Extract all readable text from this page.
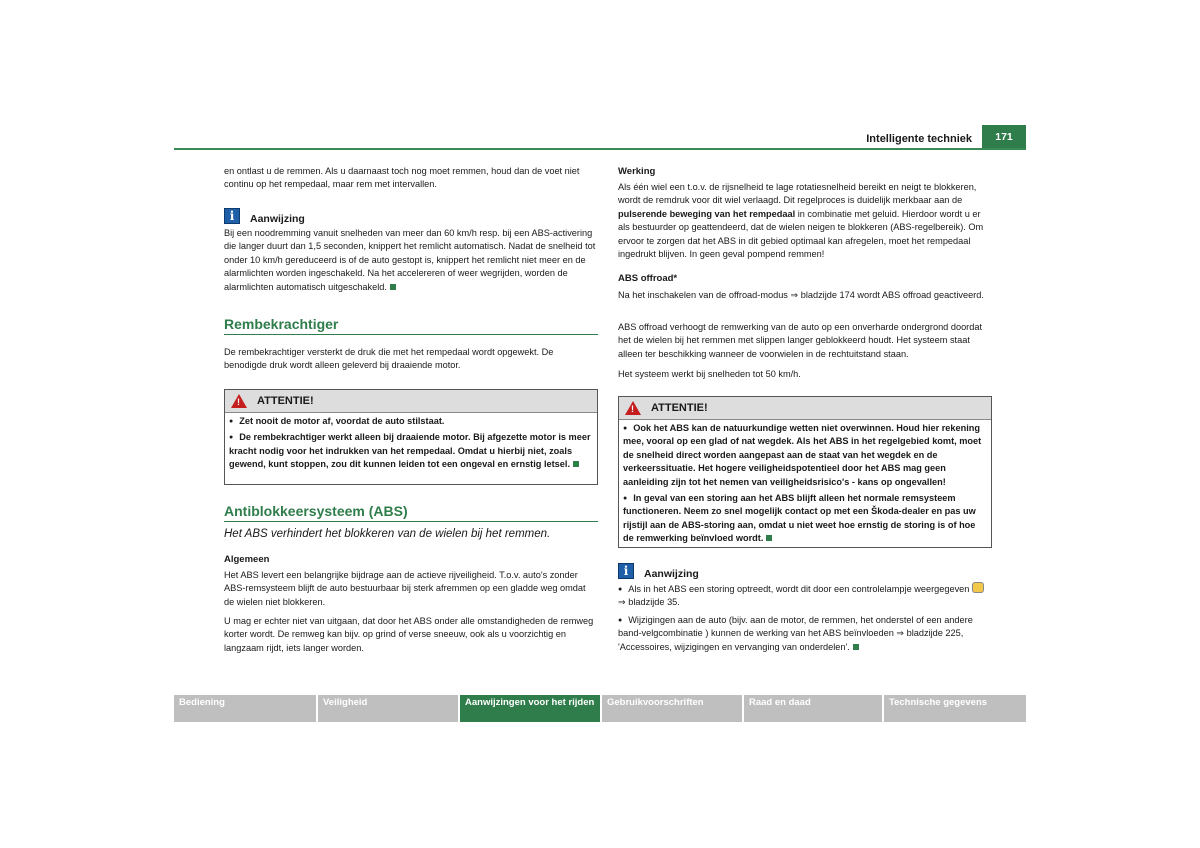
Intelligente techniek	171
en ontlast u de remmen. Als u daarnaast toch nog moet remmen, houd dan de voet niet continu op het rempedaal, maar rem met intervallen.
i	Aanwijzing
Bij een noodremming vanuit snelheden van meer dan 60 km/h resp. bij een ABS-activering die langer duurt dan 1,5 seconden, knippert het remlicht automatisch. Nadat de snelheid tot onder 10 km/h gereduceerd is of de auto gestopt is, knippert het remlicht niet meer en de alarmlichten worden ingeschakeld. Na het accelereren of weer wegrijden, worden de alarmlichten automatisch uitgeschakeld.
Rembekrachtiger
De rembekrachtiger versterkt de druk die met het rempedaal wordt opgewekt. De benodigde druk wordt alleen geleverd bij draaiende motor.
! ATTENTIE!

● Zet nooit de motor af, voordat de auto stilstaat.

● De rembekrachtiger werkt alleen bij draaiende motor. Bij afgezette motor is meer kracht nodig voor het indrukken van het rempedaal. Omdat u hierbij niet, zoals gewend, kunt stoppen, zou dit kunnen leiden tot een ongeval en ernstig letsel.

Antiblokkeersysteem (ABS)
Het ABS verhindert het blokkeren van de wielen bij het remmen.
Algemeen
Het ABS levert een belangrijke bijdrage aan de actieve rijveiligheid. T.o.v. auto's zonder ABS-remsysteem blijft de auto bestuurbaar bij sterk afremmen op een gladde weg omdat de wielen niet blokkeren.
U mag er echter niet van uitgaan, dat door het ABS onder alle omstandigheden de remweg korter wordt. De remweg kan bijv. op grind of verse sneeuw, ook als u voorzichtig en langzaam rijdt, iets langer worden.
Werking
Als één wiel een t.o.v. de rijsnelheid te lage rotatiesnelheid bereikt en neigt te blokkeren, wordt de remdruk voor dit wiel verlaagd. Dit regelproces is duidelijk merkbaar aan de pulserende beweging van het rempedaal in combinatie met geluid. Hierdoor wordt u er als bestuurder op geattendeerd, dat de wielen neigen te blokkeren (ABS-regelbereik). Om ervoor te zorgen dat het ABS in dit gebied optimaal kan afregelen, moet het rempedaal ingedrukt blijven. In geen geval pompend remmen!
ABS offroad*
Na het inschakelen van de offroad-modus ⇒ bladzijde 174 wordt ABS offroad geactiveerd.
ABS offroad verhoogt de remwerking van de auto op een onverharde ondergrond doordat het de wielen bij het remmen met slippen langer geblokkeerd houdt. Het systeem staat alleen ter beschikking wanneer de voorwielen in de rechtuitstand staan.
Het systeem werkt bij snelheden tot 50 km/h.
! ATTENTIE!

● Ook het ABS kan de natuurkundige wetten niet overwinnen. Houd hier rekening mee, vooral op een glad of nat wegdek. Als het ABS in het regelgebied komt, moet de snelheid direct worden aangepast aan de staat van het wegdek en de verkeerssituatie. Het hogere veiligheidspotentieel door het ABS mag geen aanleiding zijn tot het nemen van veiligheidsrisico's - kans op ongevallen!

● In geval van een storing aan het ABS blijft alleen het normale remsysteem functioneren. Neem zo snel mogelijk contact op met een Škoda-dealer en pas uw rijstijl aan de ABS-storing aan, omdat u niet weet hoe ernstig de storing is of hoe de remwerking beïnvloed wordt.

i	Aanwijzing

● Als in het ABS een storing optreedt, wordt dit door een controlelampje weergegeven  ⇒ bladzijde 35.

● Wijzigingen aan de auto (bijv. aan de motor, de remmen, het onderstel of een andere band-velgcombinatie ) kunnen de werking van het ABS beïnvloeden ⇒ bladzijde 225, 'Accessoires, wijzigingen en vervanging van onderdelen'.

Bediening	Veiligheid	Aanwijzingen voor het rijden	Gebruikvoorschriften	Raad en daad	Technische gegevens
